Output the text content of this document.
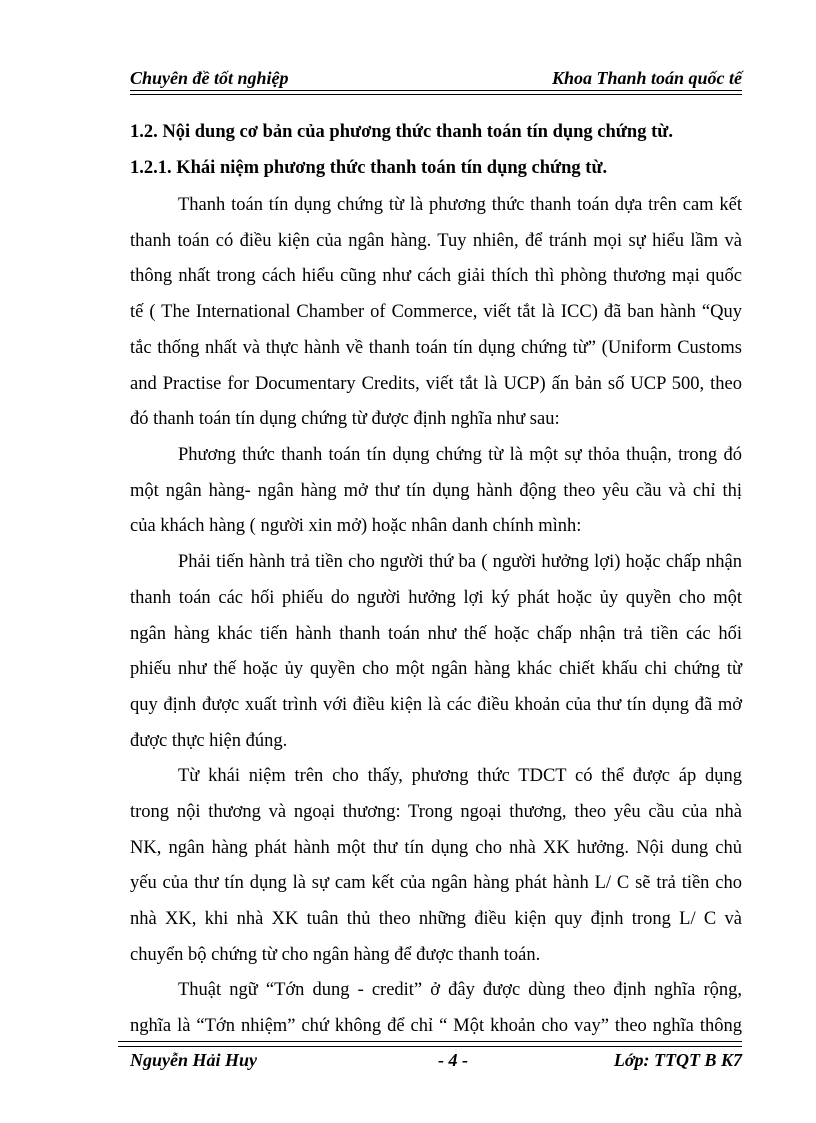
Chuyên đề tốt nghiệp	Khoa Thanh toán quốc tế
1.2. Nội dung cơ bản của phương thức thanh toán tín dụng chứng từ.
1.2.1. Khái niệm phương thức thanh toán tín dụng chứng từ.
Thanh toán tín dụng chứng từ là phương thức thanh toán dựa trên cam kết
thanh toán có điều kiện của ngân hàng. Tuy nhiên, để tránh mọi sự hiểu lầm và
thông nhất trong cách hiểu cũng như cách giải thích thì phòng thương mại quốc
tế ( The International Chamber of Commerce, viết tắt là ICC) đã ban hành “Quy
tắc thống nhất và thực hành về thanh toán tín dụng chứng từ” (Uniform Customs
and Practise for Documentary Credits, viết tắt là UCP) ấn bản số UCP 500, theo
đó thanh toán tín dụng chứng từ được định nghĩa như sau:
Phương thức thanh toán tín dụng chứng từ là một sự thỏa thuận, trong đó
một ngân hàng- ngân hàng mở thư tín dụng hành động theo yêu cầu và chỉ thị
của khách hàng ( người xin mở) hoặc nhân danh chính mình:
Phải tiến hành trả tiền cho người thứ ba ( người hưởng lợi) hoặc chấp nhận
thanh toán các hối phiếu do người hưởng lợi ký phát hoặc ủy quyền cho một
ngân hàng khác tiến hành thanh toán như thế hoặc chấp nhận trả tiền các hối
phiếu như thế hoặc ủy quyền cho một ngân hàng khác chiết khấu chi chứng từ
quy định được xuất trình với điều kiện là các điều khoản của thư tín dụng đã mở
được thực hiện đúng.
Từ khái niệm trên cho thấy, phương thức TDCT có thể được áp dụng
trong nội thương và ngoại thương: Trong ngoại thương, theo yêu cầu của nhà
NK, ngân hàng phát hành một thư tín dụng cho nhà XK hưởng. Nội dung chủ
yếu của thư tín dụng là sự cam kết của ngân hàng phát hành L/ C sẽ trả tiền cho
nhà XK, khi nhà XK tuân thủ theo những điều kiện quy định trong L/ C và
chuyển bộ chứng từ cho ngân hàng để được thanh toán.
Thuật ngữ “Tớn dung - credit” ở đây được dùng theo định nghĩa rộng,
nghĩa là “Tớn nhiệm” chứ không để chỉ “ Một khoản cho vay” theo nghĩa thông
Nguyễn Hải Huy	- 4 -	Lớp: TTQT B K7
